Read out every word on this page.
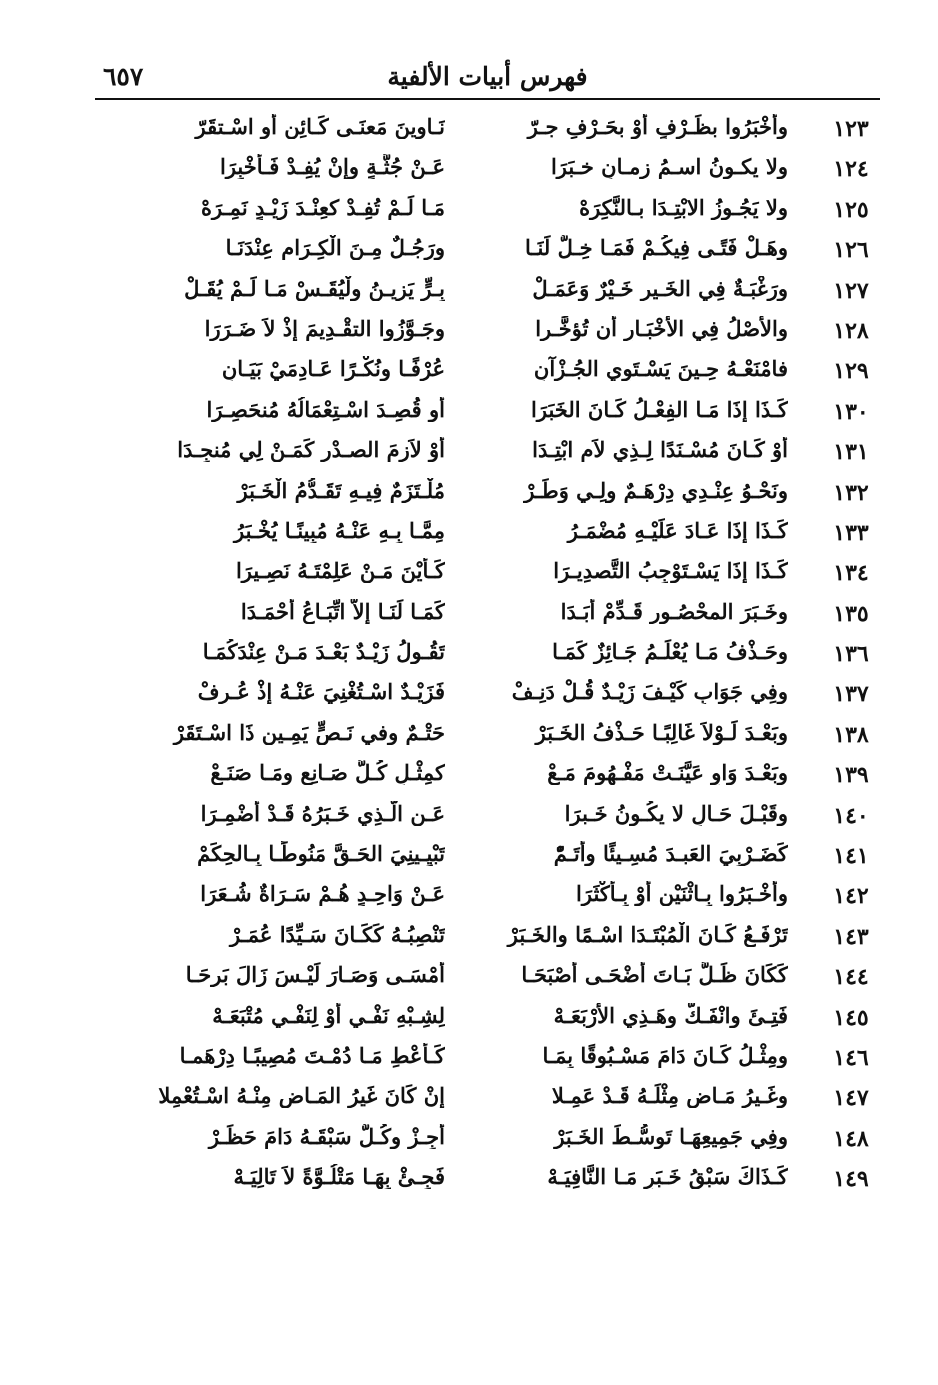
فهرس أبيات الألفية
٦٥٧
١٢٣
وأخْبَرُوا بظَـرْفٍ أَوْ بحَـرْفِ جـرّ
نَـاوِينَ مَعنَـى كَـائِنٍ أَوِ اسْـتقَرّ
١٢٤
ولا يكـونُ اسـمُ زمـانٍ خـبَرَا
عَـنْ جُثَّـةٍ وإنْ يُفِـدْ فَـأخْبِرَا
١٢٥
ولا يَجُـوزُ الابْتِـدَا بـالنَّكِرَهْ
مَـا لَـمْ تُفِـدْ كعِنْـدَ زَيْـدٍ نَمِـرَهْ
١٢٦
وهَـلْ فَتًـى فِيكُـمْ فَمَـا خِـلٌّ لَنَـا
ورَجُـلٌ مِـنَ الْكِـرَامِ عِنْدَنَـا
١٢٧
ورَغْبَـةٌ فِي الخَـيرِ خَـيْرٌ وَعَمَـلْ
بِـرٍّ يَزِيـنُ ولْيُقَـسْ مَـا لَـمْ يُقَـلْ
١٢٨
والأَصْلُ فِي الأَخْبَـارِ أَن تُؤخَّـرا
وجَـوَّزُوا التقْـدِيمَ إِذْ لاَ ضَـرَرَا
١٢٩
فامْنَعْـهُ حِـينَ يَسْـتَوِي الجُـزْآنِ
عُرْفًـا ونُكْـرًا عَـادِمَيْ بَيَـانِ
١٣٠
كَـذَا إذَا مَـا الفِعْـلُ كَـانَ الخَبَرَا
أو قُصِـدَ اسْـتِعْمَالُهُ مُنحَصِـرَا
١٣١
أوْ كَـانَ مُسْـنَدًا لِـذِي لاَمِ ابْتِـدَا
أوْ لاَزِمَ الصـدْرِ كَمَـنْ لِي مُنجِـدَا
١٣٢
ونَحْـوُ عِنْـدِي دِرْهَـمٌ ولِـي وَطَـرْ
مُلْـتَزَمٌ فِيـهِ تَقَـدُّمُ الْخَـبَرْ
١٣٣
كَـذَا إذَا عَـادَ عَلَيْـهِ مُضْمَـرُ
مِمَّـا بِـهِ عَنْـهُ مُبِينًـا يُخْـبَرُ
١٣٤
كَـذَا إذَا يَسْـتَوْجِبُ التَّصدِيـرَا
كَـأَيْنَ مَـنْ عَلِمْتَـهُ نَصِـيرَا
١٣٥
وخَـبَرَ المحْصُـورِ قَـدِّمْ أبَـدَا
كَمَـا لَنَـا إلاَّ اتِّبَـاعُ أَحْمَـدَا
١٣٦
وحَـذْفُ مَـا يُعْلَـمُ جَـائِزٌ كَمَـا
تَقُـولُ زَيْـدٌ بَعْـدَ مَـنْ عِنْدَكُمَـا
١٣٧
وفِي جَوَابِ كَيْـفَ زَيْـدٌ قُـلْ دَنِـفْ
فَزَيْـدٌ اسْـتُغْنِيَ عَنْـهُ إذْ عُـرِفْ
١٣٨
وبَعْـدَ لَـوْلاَ غَالِبًـا حَـذْفُ الخَـبَرْ
حَتْـمٌ وفي نَـصٍّ يَمِـينٍ ذَا اسْـتَقَرْ
١٣٩
وبَعْـدَ وَاوٍ عَيَّنَـتْ مَفْـهُومَ مَـعْ
كمِثْـلِ كُـلُّ صَـانِعٍ ومَـا صَنَـعْ
١٤٠
وقَبْـلَ حَـالٍ لا يكُـونُ خَـبرَا
عَـنِ الَّـذِي خَـبَرُهُ قَـدْ أُضْمِـرَا
١٤١
كَضَـرْبِيَ العَبـدَ مُسِـيئًا وأَتَـمّْ
تَبْيِـينِيَ الحَـقَّ مَنُوطًـا بِـالحِكَمْ
١٤٢
وأخْـبَرُوا بِـاثْنَيْنِ أوْ بِـأكْثَرَا
عَـنْ وَاحِـدٍ هُـمْ سَـرَاةٌ شُـعَرَا
١٤٣
تَرْفَـعُ كَـانَ الْمُبْتَـدَا اسْـمًا والخَـبَرْ
تَنْصِبُـهُ كَكَـانَ سَـيِّدًا عُمَـرْ
١٤٤
كَكَانَ ظَـلَّ بَـاتَ أَضْحَـى أَصْبَحَـا
أَمْسَـى وَصَـارَ لَيْـسَ زَالَ بَرِحَـا
١٤٥
فَتِـئَ وانْفَـكَّ وهَـذِي الأَرْبَعَـهْ
لِشِـبْهِ نَفْـيٍ أَوْ لِنَفْـيٍ مُتْبَعَـهْ
١٤٦
ومِثْـلُ كَـانَ دَامَ مَسْـبُوقًا بِمَـا
كَـأَعْطِ مَـا دُمْـتَ مُصِيبًـا دِرْهَمـا
١٤٧
وغَـيرُ مَـاضٍ مِثْلَـهُ قَـدْ عَمِـلا
إنْ كَانَ غَيرُ المَـاضِ مِنْـهُ اسْـتُعْمِلا
١٤٨
وفِي جَمِيعِهَـا تَوسُّـطَ الخَـبَرْ
أَجِـزْ وكُـلٌّ سَبْقَـهُ دَامَ حَظَـرْ
١٤٩
كَـذَاكَ سَبْقُ خَـبَرٍ مَـا النَّافِيَـهْ
فَجِـئْ بِهَـا مَتْلُـوَّةً لاَ تَالِيَـهْ
